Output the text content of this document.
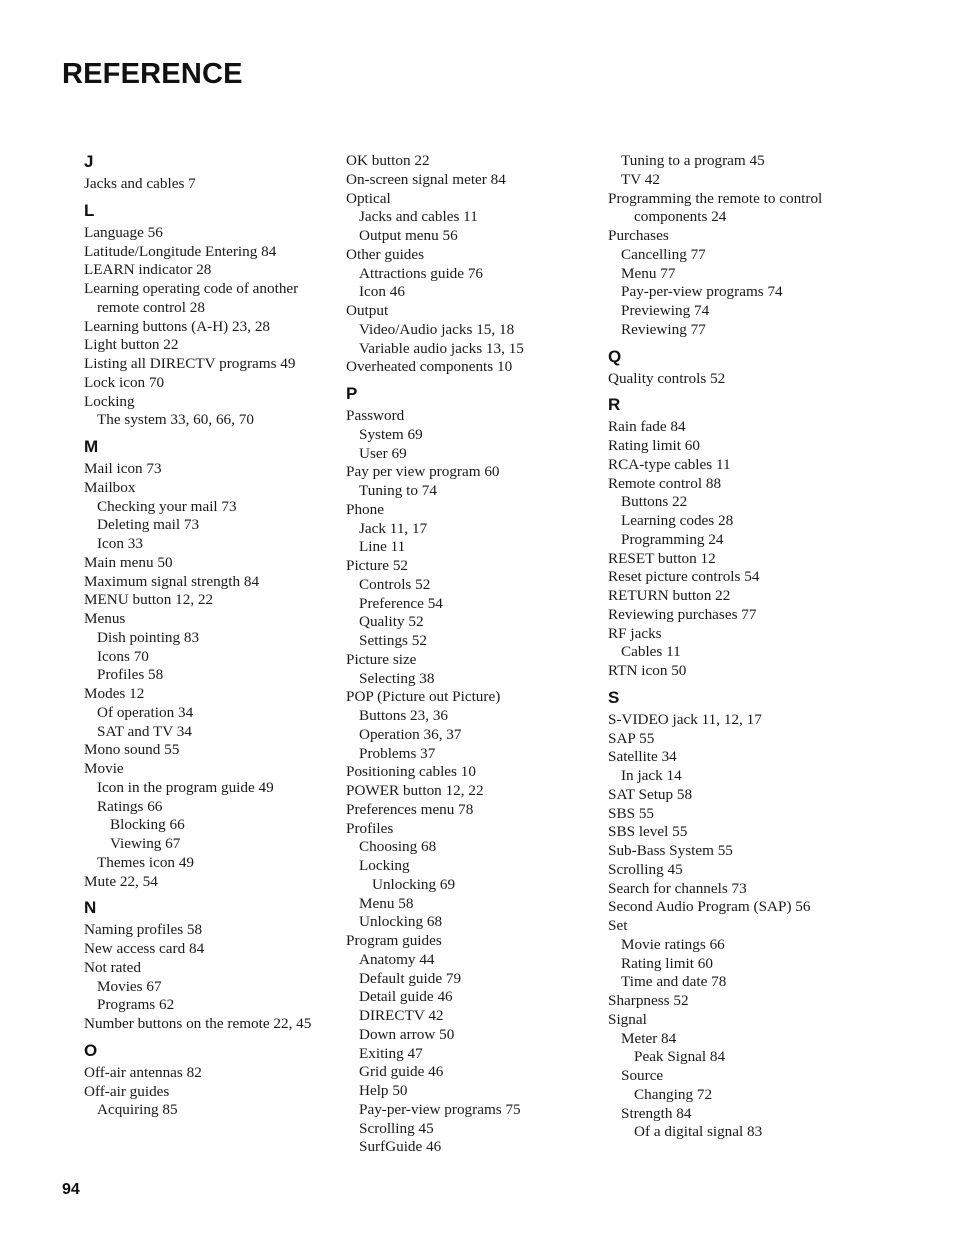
REFERENCE
J
Jacks and cables 7
L
Language 56
Latitude/Longitude Entering 84
LEARN indicator 28
Learning operating code of another
remote control 28
Learning buttons (A-H) 23, 28
Light button 22
Listing all DIRECTV programs 49
Lock icon 70
Locking
The system 33, 60, 66, 70
M
Mail icon 73
Mailbox
Checking your mail 73
Deleting mail 73
Icon 33
Main menu 50
Maximum signal strength 84
MENU button 12, 22
Menus
Dish pointing 83
Icons 70
Profiles 58
Modes 12
Of operation 34
SAT and TV 34
Mono sound 55
Movie
Icon in the program guide 49
Ratings 66
Blocking 66
Viewing 67
Themes icon 49
Mute 22, 54
N
Naming profiles 58
New access card 84
Not rated
Movies 67
Programs 62
Number buttons on the remote 22, 45
O
Off-air antennas 82
Off-air guides
Acquiring 85
OK button 22
On-screen signal meter 84
Optical
Jacks and cables 11
Output menu 56
Other guides
Attractions guide 76
Icon 46
Output
Video/Audio jacks 15, 18
Variable audio jacks 13, 15
Overheated components 10
P
Password
System 69
User 69
Pay per view program 60
Tuning to 74
Phone
Jack 11, 17
Line 11
Picture 52
Controls 52
Preference 54
Quality 52
Settings 52
Picture size
Selecting 38
POP (Picture out Picture)
Buttons 23, 36
Operation 36, 37
Problems 37
Positioning cables 10
POWER button 12, 22
Preferences menu 78
Profiles
Choosing 68
Locking
Unlocking 69
Menu 58
Unlocking 68
Program guides
Anatomy 44
Default guide 79
Detail guide 46
DIRECTV 42
Down arrow 50
Exiting 47
Grid guide 46
Help 50
Pay-per-view programs 75
Scrolling 45
SurfGuide 46
Tuning to a program 45
TV 42
Programming the remote to control
components 24
Purchases
Cancelling 77
Menu 77
Pay-per-view programs 74
Previewing 74
Reviewing 77
Q
Quality controls 52
R
Rain fade 84
Rating limit 60
RCA-type cables 11
Remote control 88
Buttons 22
Learning codes 28
Programming 24
RESET button 12
Reset picture controls 54
RETURN button 22
Reviewing purchases 77
RF jacks
Cables 11
RTN icon 50
S
S-VIDEO jack 11, 12, 17
SAP 55
Satellite 34
In jack 14
SAT Setup 58
SBS 55
SBS level 55
Sub-Bass System 55
Scrolling 45
Search for channels 73
Second Audio Program (SAP) 56
Set
Movie ratings 66
Rating limit 60
Time and date 78
Sharpness 52
Signal
Meter 84
Peak Signal 84
Source
Changing 72
Strength 84
Of a digital signal 83
94
